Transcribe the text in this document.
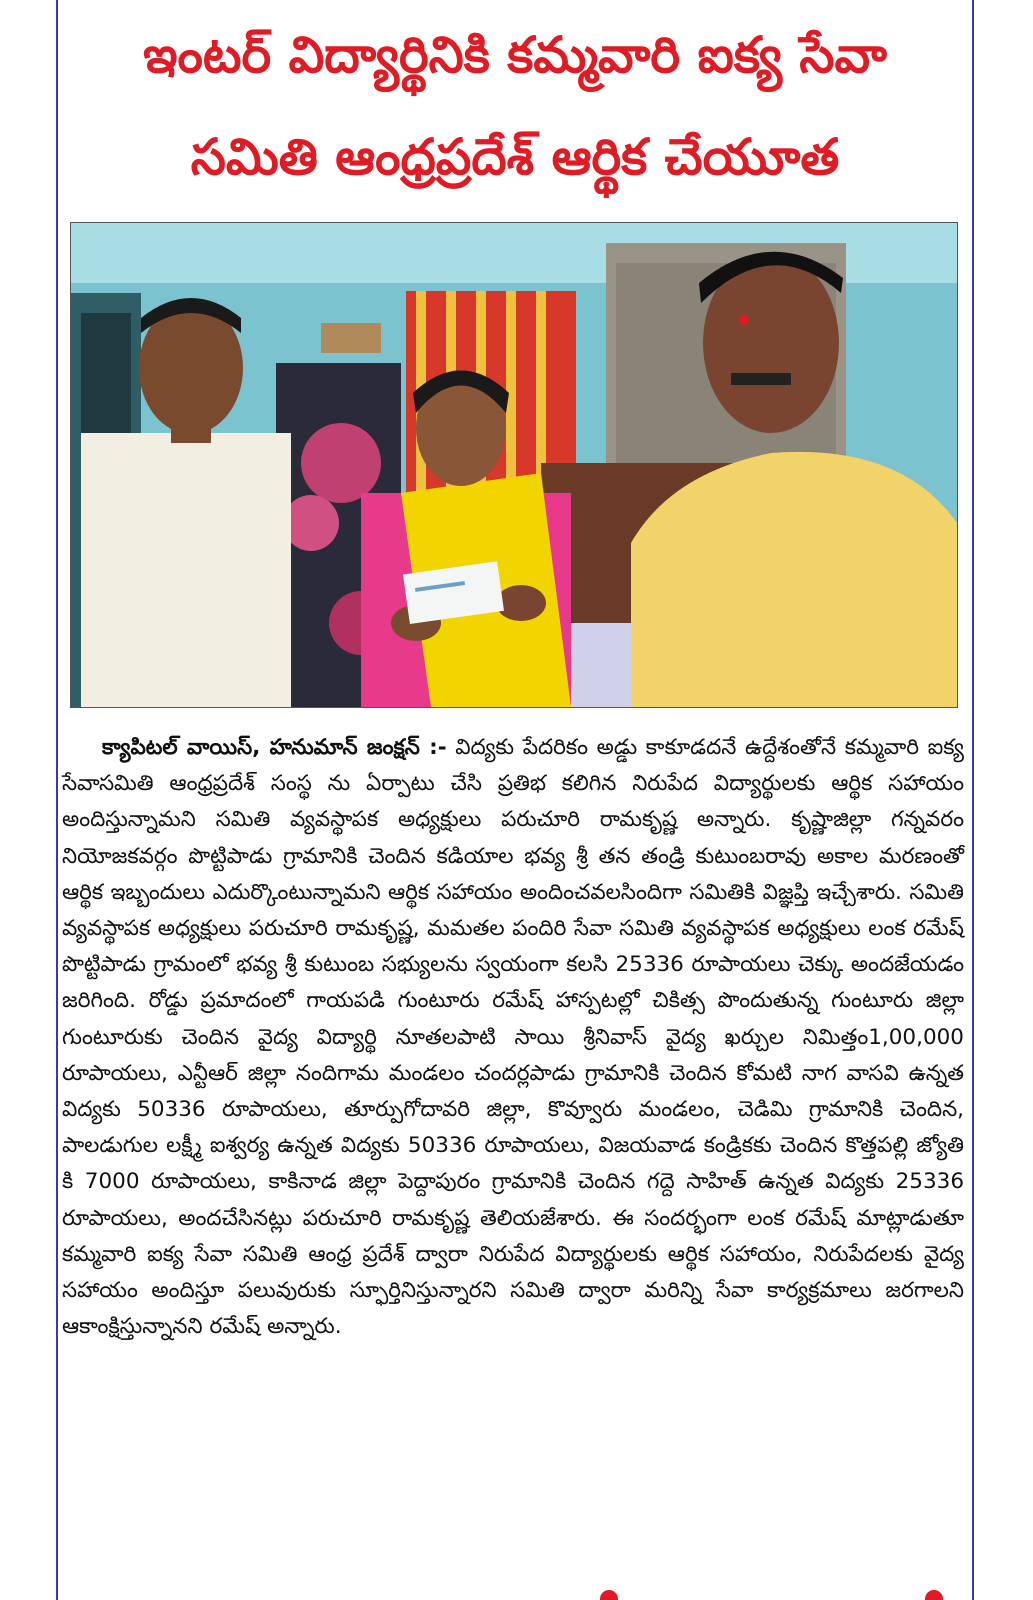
ఇంటర్ విద్యార్థినికి కమ్మవారి ఐక్య సేవా
సమితి ఆంధ్రప్రదేశ్ ఆర్థిక చేయూత

క్యాపిటల్ వాయిస్, హనుమాన్ జంక్షన్ :- విద్యకు పేదరికం అడ్డు కాకూడదనే ఉద్దేశంతోనే కమ్మవారి ఐక్య సేవాసమితి ఆంధ్రప్రదేశ్ సంస్థ ను ఏర్పాటు చేసి ప్రతిభ కలిగిన నిరుపేద విద్యార్థులకు ఆర్థిక సహాయం అందిస్తున్నామని సమితి వ్యవస్థాపక అధ్యక్షులు పరుచూరి రామకృష్ణ అన్నారు. కృష్ణాజిల్లా గన్నవరం నియోజకవర్గం పొట్టిపాడు గ్రామానికి చెందిన కడియాల భవ్య శ్రీ తన తండ్రి కుటుంబరావు అకాల మరణంతో ఆర్థిక ఇబ్బందులు ఎదుర్కొంటున్నామని ఆర్థిక సహాయం అందించవలసిందిగా సమితికి విజ్ఞప్తి ఇచ్చేశారు. సమితి వ్యవస్థాపక అధ్యక్షులు పరుచూరి రామకృష్ణ, మమతల పందిరి సేవా సమితి వ్యవస్థాపక అధ్యక్షులు లంక రమేష్ పొట్టిపాడు గ్రామంలో భవ్య శ్రీ కుటుంబ సభ్యులను స్వయంగా కలసి 25336 రూపాయలు చెక్కు అందజేయడం జరిగింది. రోడ్డు ప్రమాదంలో గాయపడి గుంటూరు రమేష్ హాస్పటల్లో చికిత్స పొందుతున్న గుంటూరు జిల్లా గుంటూరుకు చెందిన వైద్య విద్యార్థి నూతలపాటి సాయి శ్రీనివాస్ వైద్య ఖర్చుల నిమిత్తం1,00,000 రూపాయలు, ఎన్టీఆర్ జిల్లా నందిగామ మండలం చందర్లపాడు గ్రామానికి చెందిన కోమటి నాగ వాసవి ఉన్నత విద్యకు 50336 రూపాయలు, తూర్పుగోదావరి జిల్లా, కొవ్వూరు మండలం, చెడిమి గ్రామానికి చెందిన, పాలడుగుల లక్ష్మీ ఐశ్వర్య ఉన్నత విద్యకు 50336 రూపాయలు, విజయవాడ కండ్రికకు చెందిన కొత్తపల్లి జ్యోతి కి 7000 రూపాయలు, కాకినాడ జిల్లా పెద్దాపురం గ్రామానికి చెందిన గద్దె సాహిత్ ఉన్నత విద్యకు 25336 రూపాయలు, అందచేసినట్లు పరుచూరి రామకృష్ణ తెలియజేశారు. ఈ సందర్భంగా లంక రమేష్ మాట్లాడుతూ కమ్మవారి ఐక్య సేవా సమితి ఆంధ్ర ప్రదేశ్ ద్వారా నిరుపేద విద్యార్థులకు ఆర్థిక సహాయం, నిరుపేదలకు వైద్య సహాయం అందిస్తూ పలువురుకు స్ఫూర్తినిస్తున్నారని సమితి ద్వారా మరిన్ని సేవా కార్యక్రమాలు జరగాలని ఆకాంక్షిస్తున్నానని రమేష్ అన్నారు.
